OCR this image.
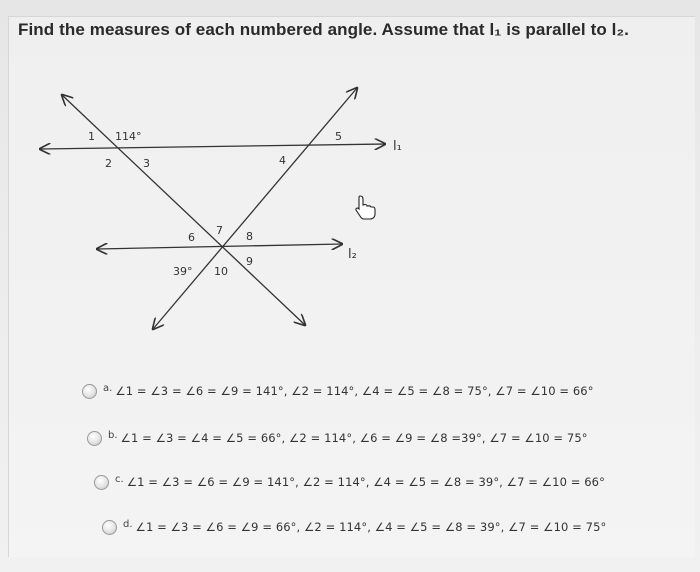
Find the measures of each numbered angle. Assume that l₁ is parallel to l₂.
l₁
l₂
1 114°
2	3	4
5
6
7 8
9
39° 10
a. ∠1 = ∠3 = ∠6 = ∠9 = 141°, ∠2 = 114°, ∠4 = ∠5 = ∠8 = 75°, ∠7 = ∠10 = 66°
b. ∠1 = ∠3 = ∠4 = ∠5 = 66°, ∠2 = 114°, ∠6 = ∠9 = ∠8 =39°, ∠7 = ∠10 = 75°
c. ∠1 = ∠3 = ∠6 = ∠9 = 141°, ∠2 = 114°, ∠4 = ∠5 = ∠8 = 39°, ∠7 = ∠10 = 66°
d. ∠1 = ∠3 = ∠6 = ∠9 = 66°, ∠2 = 114°, ∠4 = ∠5 = ∠8 = 39°, ∠7 = ∠10 = 75°
